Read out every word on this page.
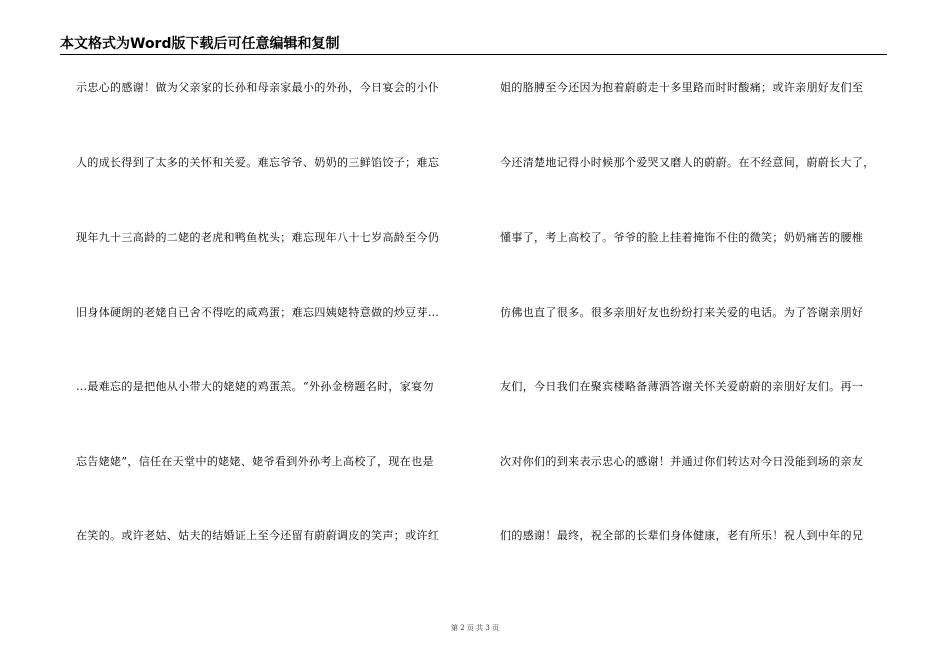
本文格式为Word版下载后可任意编辑和复制
示忠心的感谢！做为父亲家的长孙和母亲家最小的外孙，今日宴会的小仆
人的成长得到了太多的关怀和关爱。难忘爷爷、奶奶的三鲜馅饺子；难忘
现年九十三高龄的二姥的老虎和鸭鱼枕头；难忘现年八十七岁高龄至今仍
旧身体硬朗的老姥自已舍不得吃的咸鸡蛋；难忘四姨姥特意做的炒豆芽…
…最难忘的是把他从小带大的姥姥的鸡蛋羔。“外孙金榜题名时，家宴勿
忘告姥姥”，信任在天堂中的姥姥、姥爷看到外孙考上高校了，现在也是
在笑的。或许老姑、姑夫的结婚证上至今还留有蔚蔚调皮的笑声；或许红
姐的胳膊至今还因为抱着蔚蔚走十多里路而时时酸痛；或许亲朋好友们至
今还清楚地记得小时候那个爱哭又磨人的蔚蔚。在不经意间，蔚蔚长大了，
懂事了，考上高校了。爷爷的脸上挂着掩饰不住的微笑；奶奶痛苦的腰椎
仿佛也直了很多。很多亲朋好友也纷纷打来关爱的电话。为了答谢亲朋好
友们，今日我们在聚宾楼略备薄酒答谢关怀关爱蔚蔚的亲朋好友们。再一
次对你们的到来表示忠心的感谢！并通过你们转达对今日没能到场的亲友
们的感谢！最终，祝全部的长辈们身体健康，老有所乐！祝人到中年的兄
第 2 页 共 3 页
